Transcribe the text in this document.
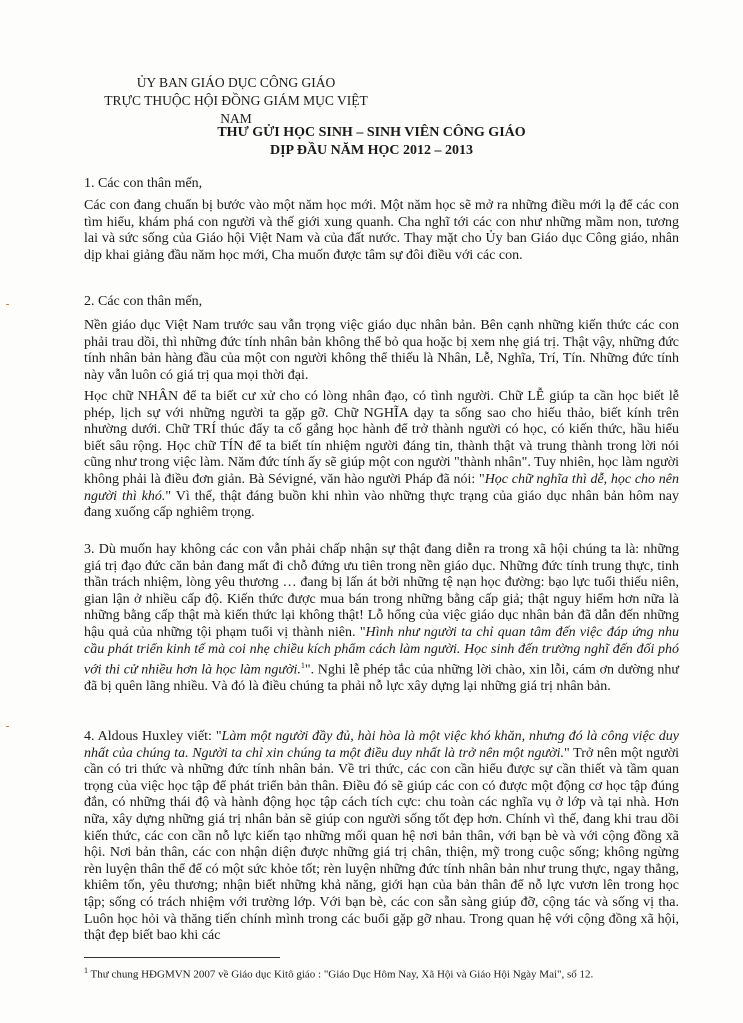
ỦY BAN GIÁO DỤC CÔNG GIÁO
TRỰC THUỘC HỘI ĐỒNG GIÁM MỤC VIỆT NAM
THƯ GỬI HỌC SINH – SINH VIÊN CÔNG GIÁO
DỊP ĐẦU NĂM HỌC 2012 – 2013
1. Các con thân mến,

Các con đang chuẩn bị bước vào một năm học mới. Một năm học sẽ mở ra những điều mới lạ để các con tìm hiểu, khám phá con người và thế giới xung quanh. Cha nghĩ tới các con như những mầm non, tương lai và sức sống của Giáo hội Việt Nam và của đất nước. Thay mặt cho Ủy ban Giáo dục Công giáo, nhân dịp khai giảng đầu năm học mới, Cha muốn được tâm sự đôi điều với các con.

2. Các con thân mến,

Nền giáo dục Việt Nam trước sau vẫn trọng việc giáo dục nhân bản. Bên cạnh những kiến thức các con phải trau dồi, thì những đức tính nhân bản không thể bỏ qua hoặc bị xem nhẹ giá trị. Thật vậy, những đức tính nhân bản hàng đầu của một con người không thể thiếu là Nhân, Lễ, Nghĩa, Trí, Tín. Những đức tính này vẫn luôn có giá trị qua mọi thời đại.

Học chữ NHÂN để ta biết cư xử cho có lòng nhân đạo, có tình người. Chữ LỄ giúp ta cần học biết lễ phép, lịch sự với những người ta gặp gỡ. Chữ NGHĨA dạy ta sống sao cho hiếu thảo, biết kính trên nhường dưới. Chữ TRÍ thúc đẩy ta cố gắng học hành để trở thành người có học, có kiến thức, hầu hiểu biết sâu rộng. Học chữ TÍN để ta biết tín nhiệm người đáng tin, thành thật và trung thành trong lời nói cũng như trong việc làm. Năm đức tính ấy sẽ giúp một con người "thành nhân". Tuy nhiên, học làm người không phải là điều đơn giản. Bà Sévigné, văn hào người Pháp đã nói: "Học chữ nghĩa thì dễ, học cho nên người thì khó." Vì thế, thật đáng buồn khi nhìn vào những thực trạng của giáo dục nhân bản hôm nay đang xuống cấp nghiêm trọng.

3. Dù muốn hay không các con vẫn phải chấp nhận sự thật đang diễn ra trong xã hội chúng ta là: những giá trị đạo đức căn bản đang mất đi chỗ đứng ưu tiên trong nền giáo dục. Những đức tính trung thực, tinh thần trách nhiệm, lòng yêu thương … đang bị lấn át bởi những tệ nạn học đường: bạo lực tuổi thiếu niên, gian lận ở nhiều cấp độ. Kiến thức được mua bán trong những bằng cấp giả; thật nguy hiểm hơn nữa là những bằng cấp thật mà kiến thức lại không thật! Lỗ hổng của việc giáo dục nhân bản đã dẫn đến những hậu quả của những tội phạm tuổi vị thành niên. "Hình như người ta chỉ quan tâm đến việc đáp ứng nhu cầu phát triển kinh tế mà coi nhẹ chiều kích phẩm cách làm người. Học sinh đến trường nghĩ đến đối phó với thi cử nhiều hơn là học làm người.$^1$". Nghi lễ phép tắc của những lời chào, xin lỗi, cám ơn dường như đã bị quên lãng nhiều. Và đó là điều chúng ta phải nỗ lực xây dựng lại những giá trị nhân bản.

4. Aldous Huxley viết: "Làm một người đầy đủ, hài hòa là một việc khó khăn, nhưng đó là công việc duy nhất của chúng ta. Người ta chỉ xin chúng ta một điều duy nhất là trở nên một người." Trở nên một người cần có tri thức và những đức tính nhân bản. Về tri thức, các con cần hiểu được sự cần thiết và tầm quan trọng của việc học tập để phát triển bản thân. Điều đó sẽ giúp các con có được một động cơ học tập đúng đắn, có những thái độ và hành động học tập cách tích cực: chu toàn các nghĩa vụ ở lớp và tại nhà. Hơn nữa, xây dựng những giá trị nhân bản sẽ giúp con người sống tốt đẹp hơn. Chính vì thế, đang khi trau dồi kiến thức, các con cần nỗ lực kiến tạo những mối quan hệ nơi bản thân, với bạn bè và với cộng đồng xã hội. Nơi bản thân, các con nhận diện được những giá trị chân, thiện, mỹ trong cuộc sống; không ngừng rèn luyện thân thể để có một sức khỏe tốt; rèn luyện những đức tính nhân bản như trung thực, ngay thẳng, khiêm tốn, yêu thương; nhận biết những khả năng, giới hạn của bản thân để nỗ lực vươn lên trong học tập; sống có trách nhiệm với trường lớp. Với bạn bè, các con sẵn sàng giúp đỡ, cộng tác và sống vị tha. Luôn học hỏi và thăng tiến chính mình trong các buổi gặp gỡ nhau. Trong quan hệ với cộng đồng xã hội, thật đẹp biết bao khi các

$^1$ Thư chung HĐGMVN 2007 về Giáo dục Kitô giáo : "Giáo Dục Hôm Nay, Xã Hội và Giáo Hội Ngày Mai", số 12.
